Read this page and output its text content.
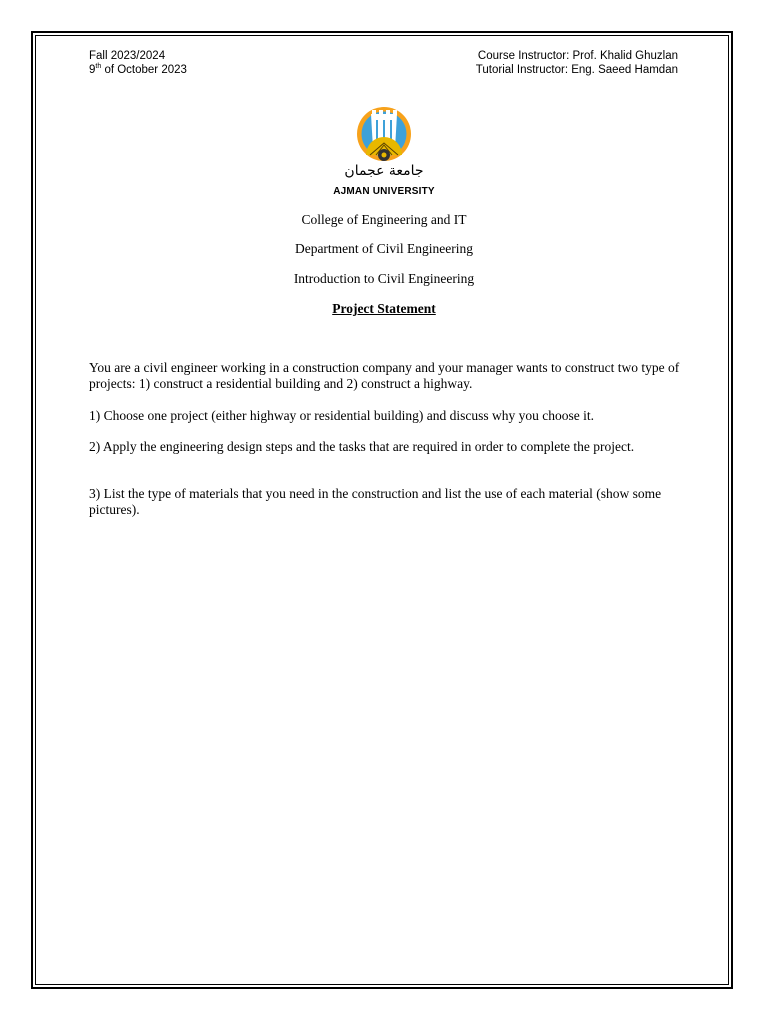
Fall 2023/2024
9th of October 2023
Course Instructor: Prof. Khalid Ghuzlan
Tutorial Instructor: Eng. Saeed Hamdan
جامعة عجمان
AJMAN UNIVERSITY
College of Engineering and IT
Department of Civil Engineering
Introduction to Civil Engineering
Project Statement
You are a civil engineer working in a construction company and your manager wants to construct two type of projects: 1) construct a residential building and 2) construct a highway.
1) Choose one project (either highway or residential building) and discuss why you choose it.
2) Apply the engineering design steps and the tasks that are required in order to complete the project.
3) List the type of materials that you need in the construction and list the use of each material (show some pictures).
